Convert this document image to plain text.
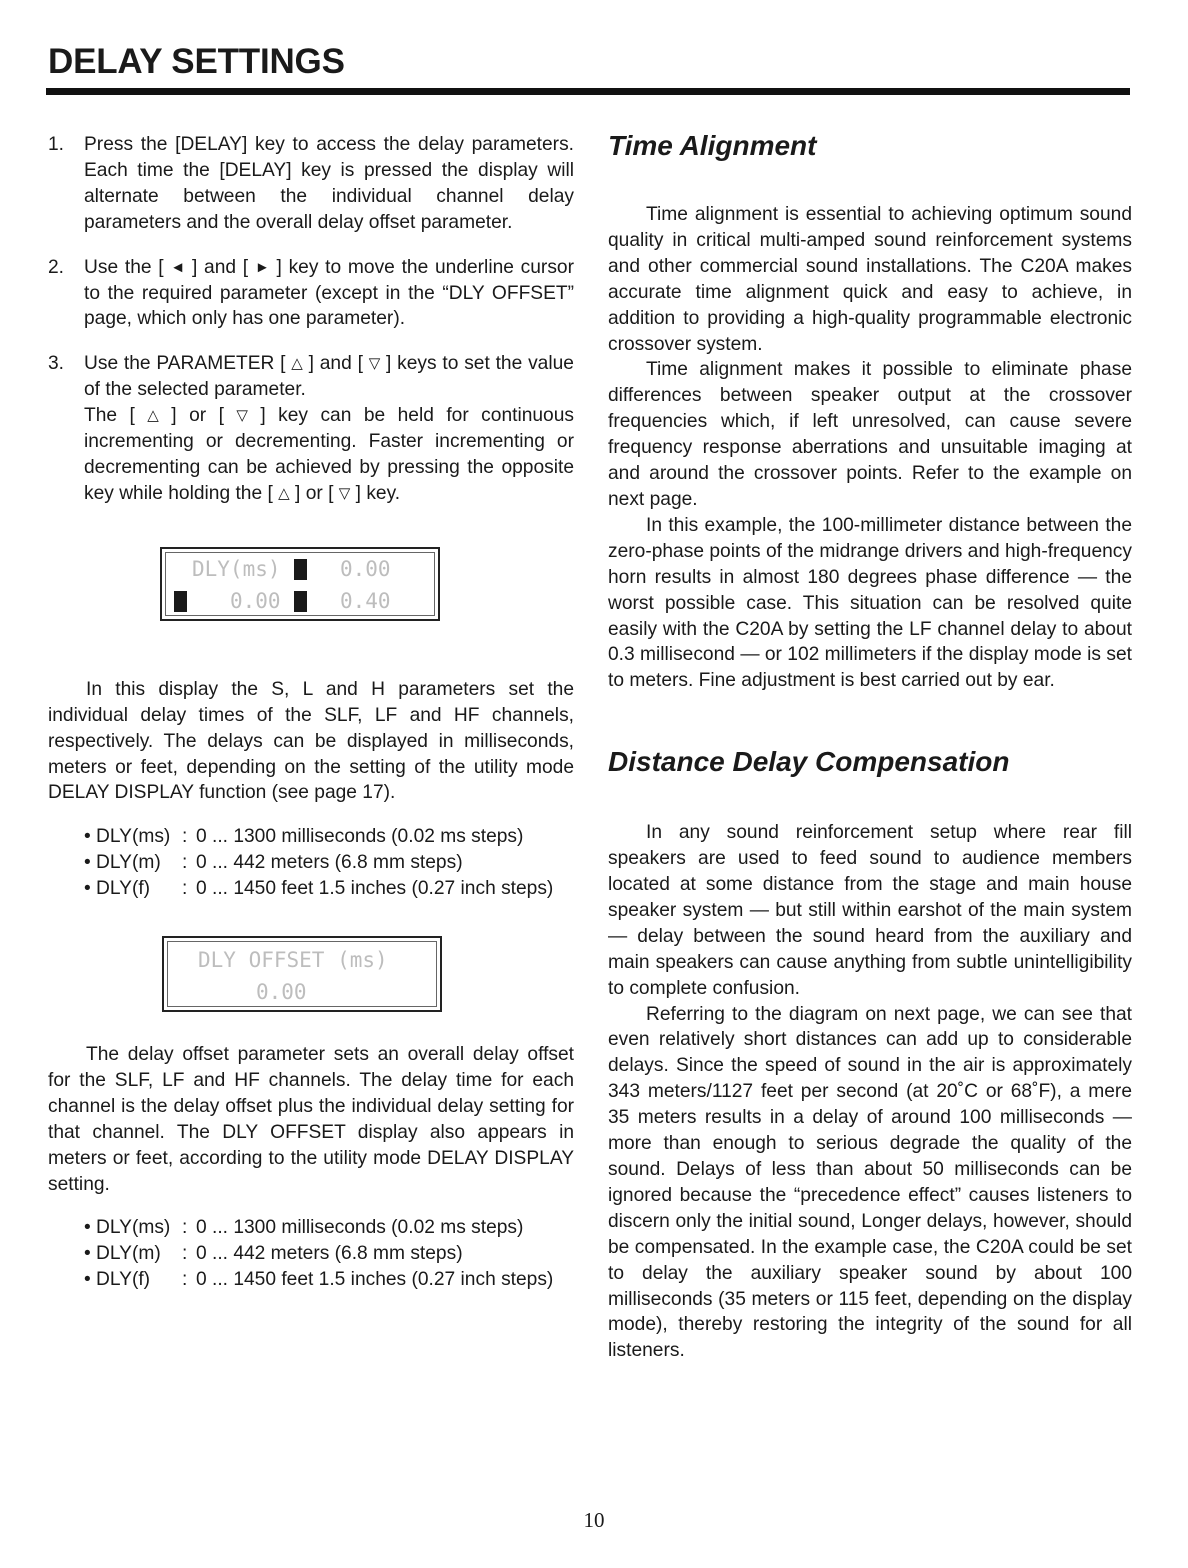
DELAY SETTINGS
1. Press the [DELAY] key to access the delay parameters. Each time the [DELAY] key is pressed the display will alternate between the individual channel delay parameters and the overall delay offset parameter.
2. Use the [ ◄ ] and [ ► ] key to move the underline cursor to the required parameter (except in the “DLY OFFSET” page, which only has one parameter).
3. Use the PARAMETER [ △ ] and [ ▽ ] keys to set the value of the selected parameter.
The [ △ ] or [ ▽ ] key can be held for continuous incrementing or decrementing. Faster incrementing or decrementing can be achieved by pressing the opposite key while holding the [ △ ] or [ ▽ ] key.
DLY(ms)	0.00
0.00	0.40

In this display the S, L and H parameters set the individual delay times of the SLF, LF and HF channels, respectively. The delays can be displayed in milliseconds, meters or feet, depending on the setting of the utility mode DELAY DISPLAY function (see page 17).

• DLY(ms) : 0 ... 1300 milliseconds (0.02 ms steps)
• DLY(m)	: 0 ... 442 meters (6.8 mm steps)
• DLY(f)	: 0 ... 1450 feet 1.5 inches (0.27 inch steps)
DLY OFFSET (ms)
0.00

The delay offset parameter sets an overall delay offset for the SLF, LF and HF channels. The delay time for each channel is the delay offset plus the individual delay setting for that channel. The DLY OFFSET display also appears in meters or feet, according to the utility mode DELAY DISPLAY setting.

• DLY(ms) : 0 ... 1300 milliseconds (0.02 ms steps)
• DLY(m)	: 0 ... 442 meters (6.8 mm steps)
• DLY(f)	: 0 ... 1450 feet 1.5 inches (0.27 inch steps)
Time Alignment

Time alignment is essential to achieving optimum sound quality in critical multi-amped sound reinforcement systems and other commercial sound installations. The C20A makes accurate time alignment quick and easy to achieve, in addition to providing a high-quality programmable electronic crossover system.

Time alignment makes it possible to eliminate phase differences between speaker output at the crossover frequencies which, if left unresolved, can cause severe frequency response aberrations and unsuitable imaging at and around the crossover points. Refer to the example on next page.

In this example, the 100-millimeter distance between the zero-phase points of the midrange drivers and high-frequency horn results in almost 180 degrees phase difference — the worst possible case. This situation can be resolved quite easily with the C20A by setting the LF channel delay to about 0.3 millisecond — or 102 millimeters if the display mode is set to meters. Fine adjustment is best carried out by ear.

Distance Delay Compensation

In any sound reinforcement setup where rear fill speakers are used to feed sound to audience members located at some distance from the stage and main house speaker system — but still within earshot of the main system — delay between the sound heard from the auxiliary and main speakers can cause anything from subtle unintelligibility to complete confusion.

Referring to the diagram on next page, we can see that even relatively short distances can add up to considerable delays. Since the speed of sound in the air is approximately 343 meters/1127 feet per second (at 20˚C or 68˚F), a mere 35 meters results in a delay of around 100 milliseconds — more than enough to serious degrade the quality of the sound. Delays of less than about 50 milliseconds can be ignored because the “precedence effect” causes listeners to discern only the initial sound, Longer delays, however, should be compensated. In the example case, the C20A could be set to delay the auxiliary speaker sound by about 100 milliseconds (35 meters or 115 feet, depending on the display mode), thereby restoring the integrity of the sound for all listeners.

10
